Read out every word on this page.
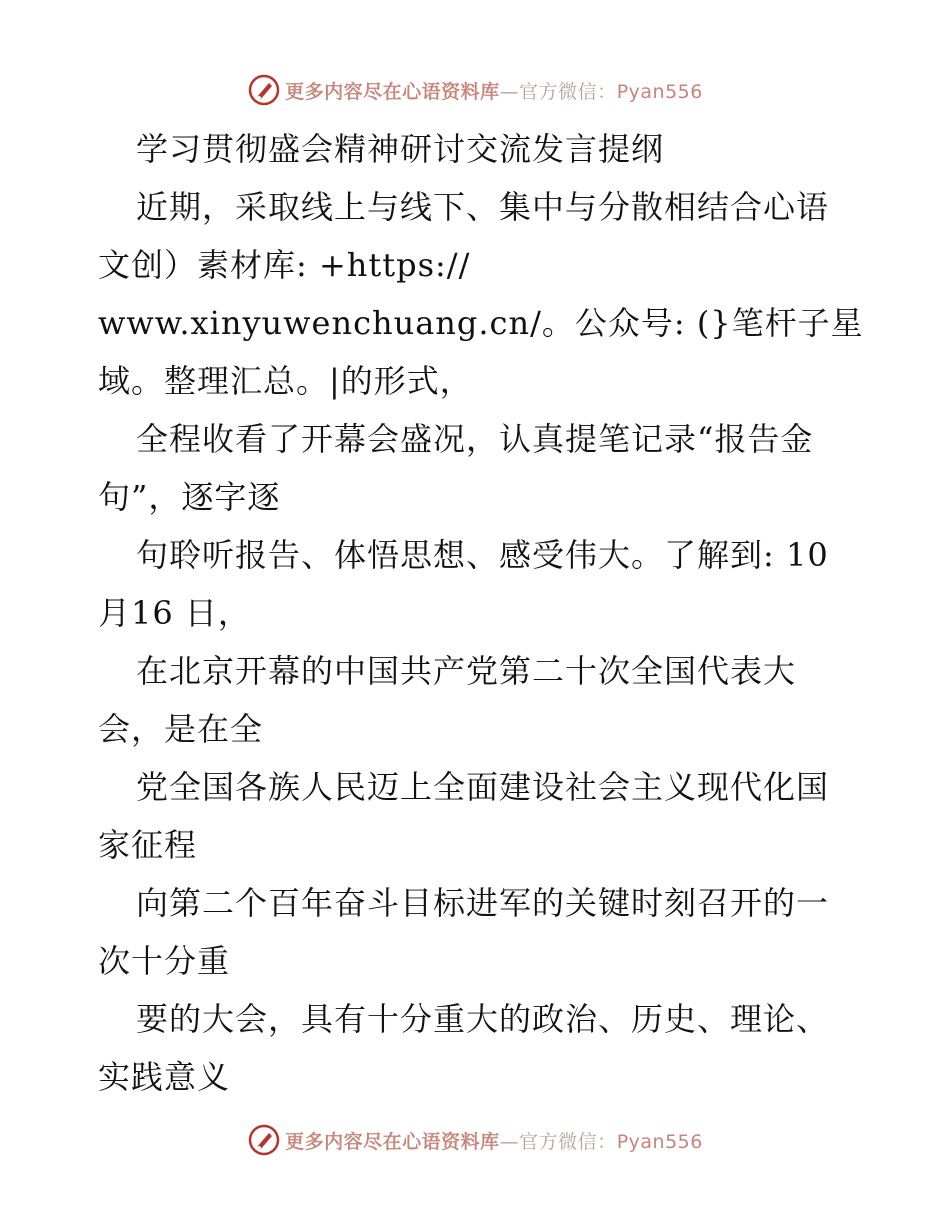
更多内容尽在心语资料库—官方微信：Pyan556
学习贯彻盛会精神研讨交流发言提纲
近期，采取线上与线下、集中与分散相结合心语
文创）素材库: +https://
www.xinyuwenchuang.cn/。公众号: (}笔杆子星
域。整理汇总。|的形式，
全程收看了开幕会盛况，认真提笔记录“报告金
句”，逐字逐
句聆听报告、体悟思想、感受伟大。了解到: 10
月16 日，
在北京开幕的中国共产党第二十次全国代表大
会，是在全
党全国各族人民迈上全面建设社会主义现代化国
家征程
向第二个百年奋斗目标进军的关键时刻召开的一
次十分重
要的大会，具有十分重大的政治、历史、理论、
实践意义
更多内容尽在心语资料库—官方微信：Pyan556
